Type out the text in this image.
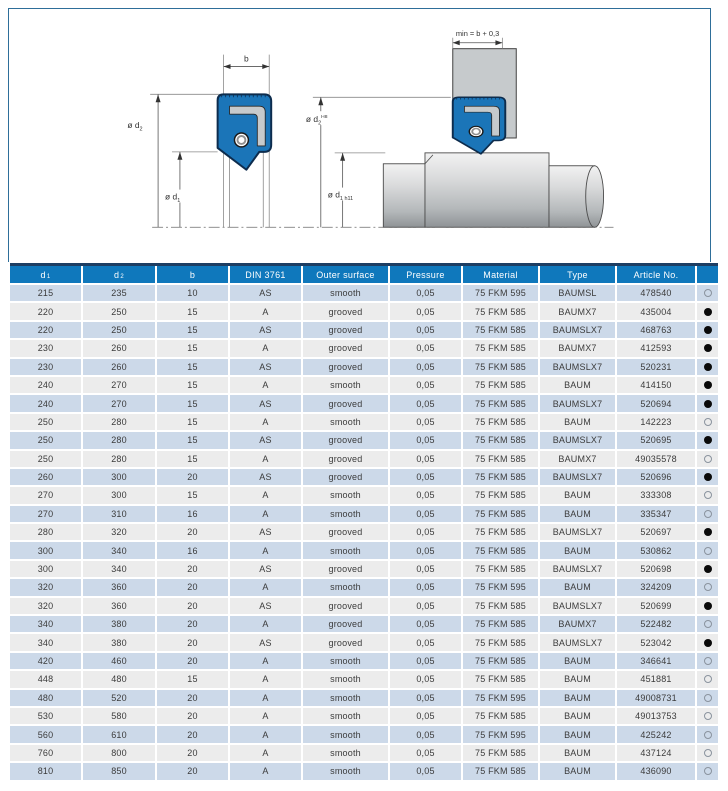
b
ø $d_2$
ø $d_1$
min = b + 0,3
ø $d_2^{H8}$
ø $d_{1 h11}$
$d_1$	$d_2$	b	DIN 3761	Outer surface	Pressure	Material	Type	Article No.
215	235	10	AS	smooth	0,05	75 FKM 595	BAUMSL	478540
220	250	15	A	grooved	0,05	75 FKM 585	BAUMX7	435004
220	250	15	AS	grooved	0,05	75 FKM 585	BAUMSLX7	468763
230	260	15	A	grooved	0,05	75 FKM 585	BAUMX7	412593
230	260	15	AS	grooved	0,05	75 FKM 585	BAUMSLX7	520231
240	270	15	A	smooth	0,05	75 FKM 585	BAUM	414150
240	270	15	AS	grooved	0,05	75 FKM 585	BAUMSLX7	520694
250	280	15	A	smooth	0,05	75 FKM 585	BAUM	142223
250	280	15	AS	grooved	0,05	75 FKM 585	BAUMSLX7	520695
250	280	15	A	grooved	0,05	75 FKM 585	BAUMX7	49035578
260	300	20	AS	grooved	0,05	75 FKM 585	BAUMSLX7	520696
270	300	15	A	smooth	0,05	75 FKM 585	BAUM	333308
270	310	16	A	smooth	0,05	75 FKM 585	BAUM	335347
280	320	20	AS	grooved	0,05	75 FKM 585	BAUMSLX7	520697
300	340	16	A	smooth	0,05	75 FKM 585	BAUM	530862
300	340	20	AS	grooved	0,05	75 FKM 585	BAUMSLX7	520698
320	360	20	A	smooth	0,05	75 FKM 595	BAUM	324209
320	360	20	AS	grooved	0,05	75 FKM 585	BAUMSLX7	520699
340	380	20	A	grooved	0,05	75 FKM 585	BAUMX7	522482
340	380	20	AS	grooved	0,05	75 FKM 585	BAUMSLX7	523042
420	460	20	A	smooth	0,05	75 FKM 585	BAUM	346641
448	480	15	A	smooth	0,05	75 FKM 585	BAUM	451881
480	520	20	A	smooth	0,05	75 FKM 595	BAUM	49008731
530	580	20	A	smooth	0,05	75 FKM 585	BAUM	49013753
560	610	20	A	smooth	0,05	75 FKM 595	BAUM	425242
760	800	20	A	smooth	0,05	75 FKM 585	BAUM	437124
810	850	20	A	smooth	0,05	75 FKM 585	BAUM	436090
